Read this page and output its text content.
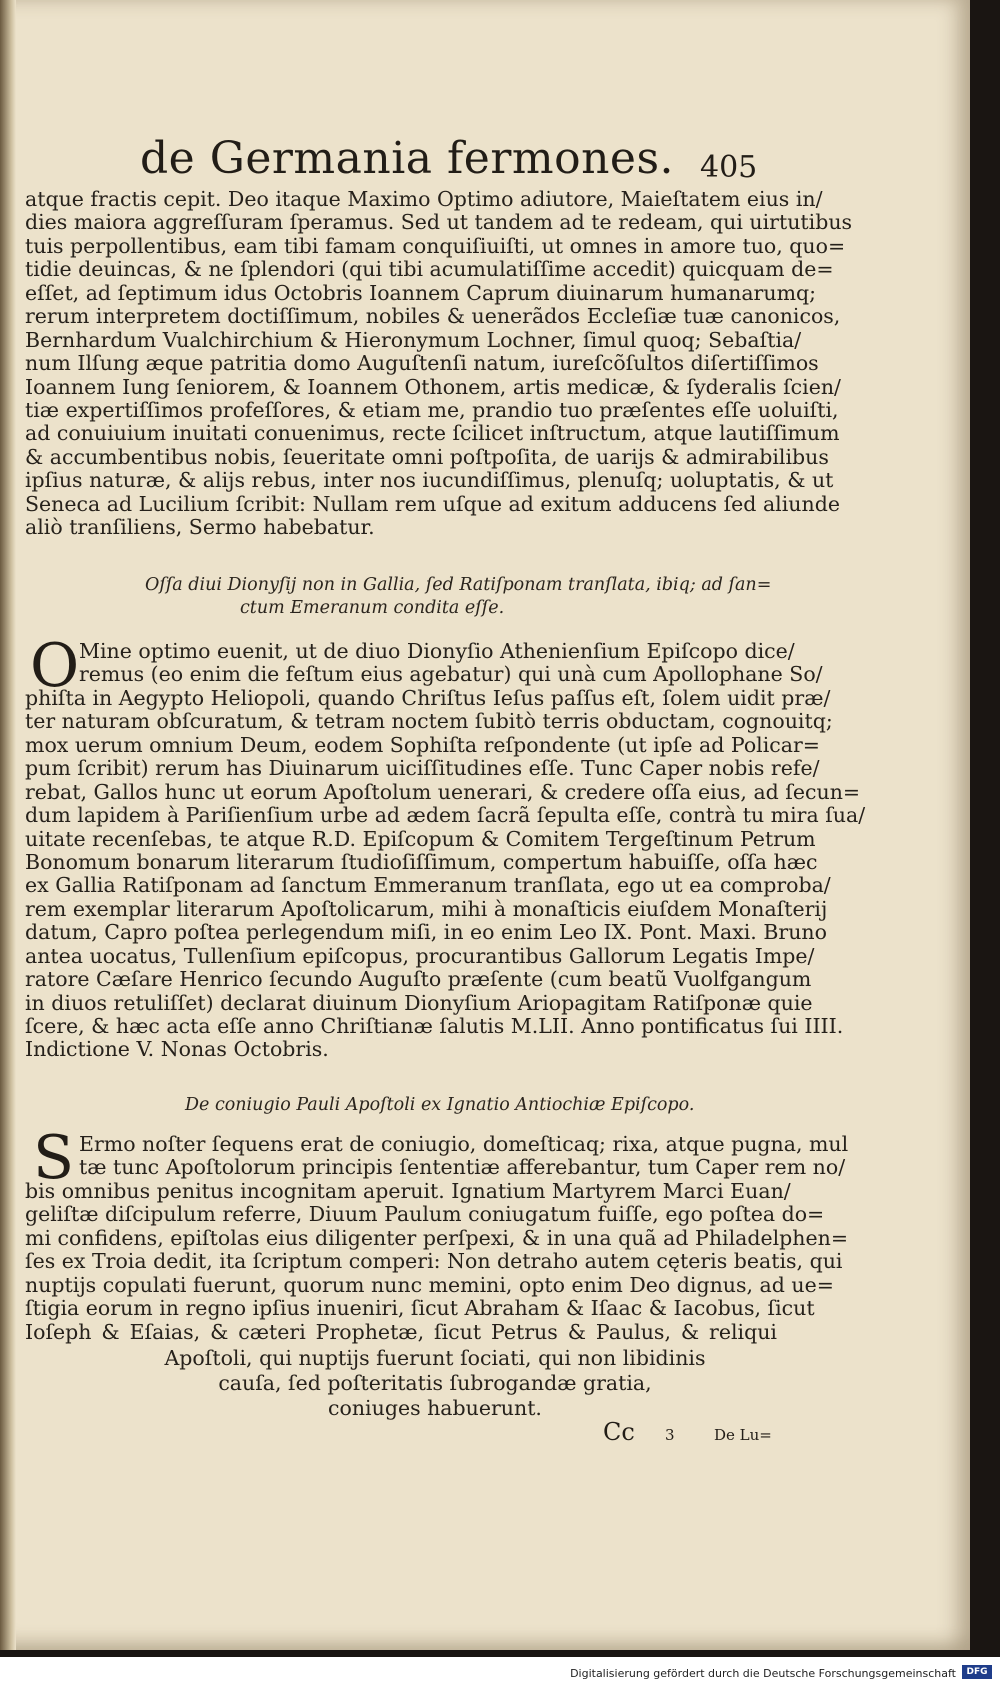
de Germania fermones. 405
atque fractis cepit. Deo itaque Maximo Optimo adiutore, Maieſtatem eius in/
dies maiora aggreſſuram ſperamus. Sed ut tandem ad te redeam, qui uirtutibus
tuis perpollentibus, eam tibi famam conquiſiuiſti, ut omnes in amore tuo, quo=
tidie deuincas, & ne ſplendori (qui tibi acumulatiſſime accedit) quicquam de=
eſſet, ad ſeptimum idus Octobris Ioannem Caprum diuinarum humanarumq;
rerum interpretem doctiſſimum, nobiles & uenerãdos Eccleſiæ tuæ canonicos,
Bernhardum Vualchirchium & Hieronymum Lochner, ſimul quoq; Sebaſtia/
num Ilſung æque patritia domo Auguſtenſi natum, iureſcõſultos diſertiſſimos
Ioannem Iung ſeniorem, & Ioannem Othonem, artis medicæ, & ſyderalis ſcien/
tiæ expertiſſimos profeſſores, & etiam me, prandio tuo præſentes eſſe uoluiſti,
ad conuiuium inuitati conuenimus, recte ſcilicet inſtructum, atque lautiſſimum
& accumbentibus nobis, ſeueritate omni poſtpoſita, de uarijs & admirabilibus
ipſius naturæ, & alijs rebus, inter nos iucundiſſimus, plenuſq; uoluptatis, & ut
Seneca ad Lucilium ſcribit: Nullam rem uſque ad exitum adducens ſed aliunde
aliò tranſiliens, Sermo habebatur.
Oſſa diui Dionyſij non in Gallia, ſed Ratiſponam tranſlata, ibiq; ad ſan=
ctum Emeranum condita eſſe.
O Mine optimo euenit, ut de diuo Dionyſio Athenienſium Epiſcopo dice/
remus (eo enim die feſtum eius agebatur) qui unà cum Apollophane So/
phiſta in Aegypto Heliopoli, quando Chriſtus Ieſus paſſus eſt, ſolem uidit præ/
ter naturam obſcuratum, & tetram noctem ſubitò terris obductam, cognouitq;
mox uerum omnium Deum, eodem Sophiſta reſpondente (ut ipſe ad Policar=
pum ſcribit) rerum has Diuinarum uiciſſitudines eſſe. Tunc Caper nobis refe/
rebat, Gallos hunc ut eorum Apoſtolum uenerari, & credere oſſa eius, ad ſecun=
dum lapidem à Pariſienſium urbe ad ædem ſacrã ſepulta eſſe, contrà tu mira ſua/
uitate recenſebas, te atque R.D. Epiſcopum & Comitem Tergeſtinum Petrum
Bonomum bonarum literarum ſtudioſiſſimum, compertum habuiſſe, oſſa hæc
ex Gallia Ratiſponam ad ſanctum Emmeranum tranſlata, ego ut ea comproba/
rem exemplar literarum Apoſtolicarum, mihi à monaſticis eiuſdem Monaſterij
datum, Capro poſtea perlegendum miſi, in eo enim Leo IX. Pont. Maxi. Bruno
antea uocatus, Tullenſium epiſcopus, procurantibus Gallorum Legatis Impe/
ratore Cæſare Henrico ſecundo Auguſto præſente (cum beatũ Vuolfgangum
in diuos retuliſſet) declarat diuinum Dionyſium Ariopagitam Ratiſponæ quie
ſcere, & hæc acta eſſe anno Chriſtianæ ſalutis M.LII. Anno pontificatus ſui IIII.
Indictione V. Nonas Octobris.
De coniugio Pauli Apoſtoli ex Ignatio Antiochiæ Epiſcopo.
S Ermo noſter ſequens erat de coniugio, domeſticaq; rixa, atque pugna, mul
tæ tunc Apoſtolorum principis ſententiæ afferebantur, tum Caper rem no/
bis omnibus penitus incognitam aperuit. Ignatium Martyrem Marci Euan/
geliſtæ diſcipulum referre, Diuum Paulum coniugatum fuiſſe, ego poſtea do=
mi confidens, epiſtolas eius diligenter perſpexi, & in una quã ad Philadelphen=
ſes ex Troia dedit, ita ſcriptum comperi: Non detraho autem cęteris beatis, qui
nuptijs copulati fuerunt, quorum nunc memini, opto enim Deo dignus, ad ue=
ſtigia eorum in regno ipſius inueniri, ſicut Abraham & Iſaac & Iacobus, ſicut
Ioſeph & Eſaias, & cæteri Prophetæ, ſicut Petrus & Paulus, & reliqui
Apoſtoli, qui nuptijs fuerunt ſociati, qui non libidinis
cauſa, ſed poſteritatis ſubrogandæ gratia,
coniuges habuerunt.
Cc 3	De Lu=
Digitalisierung gefördert durch die Deutsche Forschungsgemeinschaft	DFG
